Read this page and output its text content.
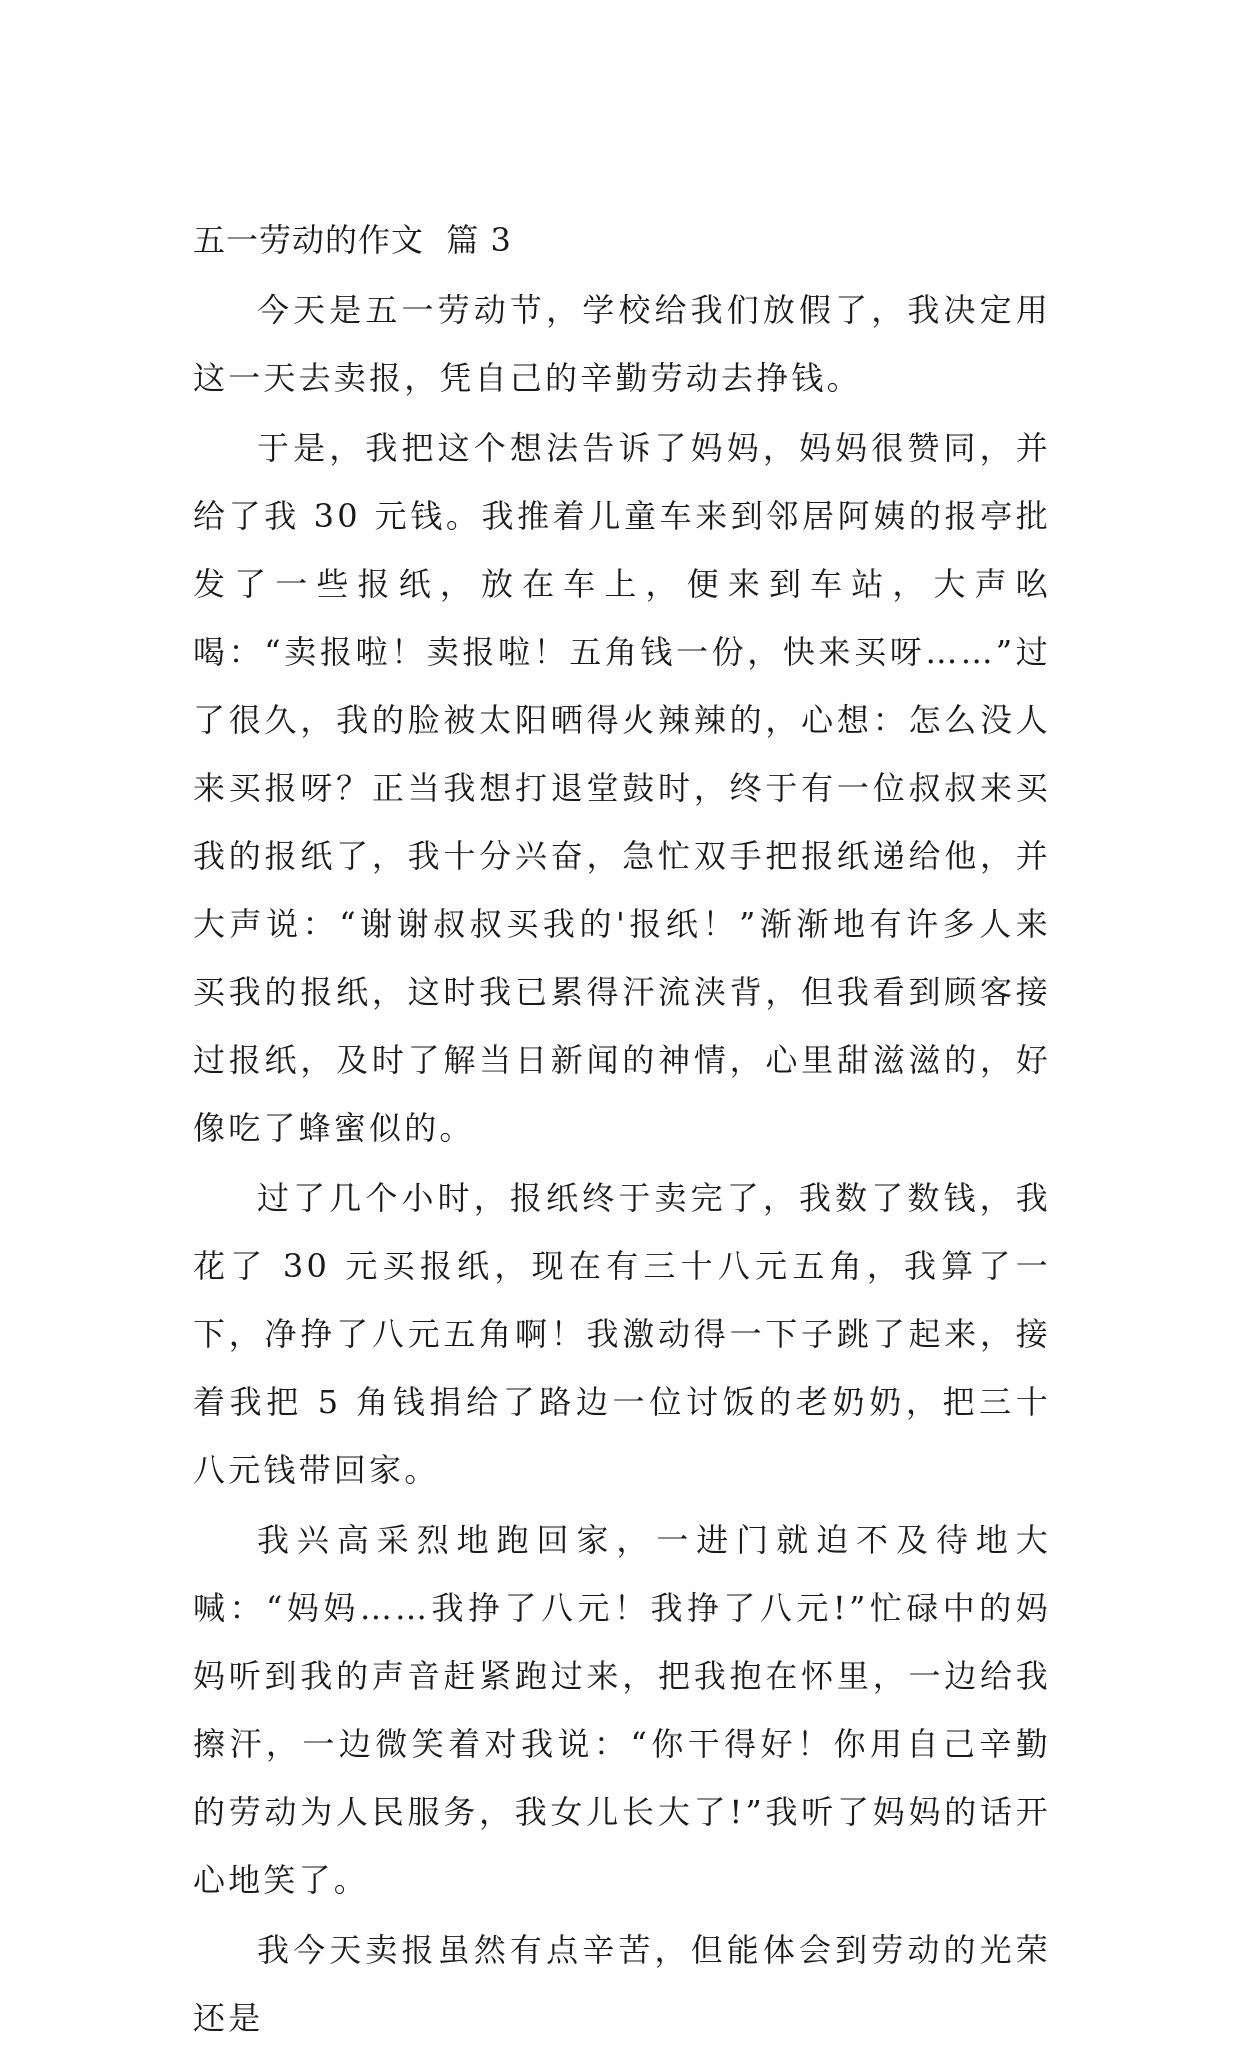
五一劳动的作文  篇 3

今天是五一劳动节，学校给我们放假了，我决定用这一天去卖报，凭自己的辛勤劳动去挣钱。

于是，我把这个想法告诉了妈妈，妈妈很赞同，并给了我 30 元钱。我推着儿童车来到邻居阿姨的报亭批发了一些报纸，放在车上，便来到车站，大声吆喝：“卖报啦！卖报啦！五角钱一份，快来买呀……”过了很久，我的脸被太阳晒得火辣辣的，心想：怎么没人来买报呀？正当我想打退堂鼓时，终于有一位叔叔来买我的报纸了，我十分兴奋，急忙双手把报纸递给他，并大声说：“谢谢叔叔买我的'报纸！”渐渐地有许多人来买我的报纸，这时我已累得汗流浃背，但我看到顾客接过报纸，及时了解当日新闻的神情，心里甜滋滋的，好像吃了蜂蜜似的。

过了几个小时，报纸终于卖完了，我数了数钱，我花了 30 元买报纸，现在有三十八元五角，我算了一下，净挣了八元五角啊！我激动得一下子跳了起来，接着我把 5 角钱捐给了路边一位讨饭的老奶奶，把三十八元钱带回家。

我兴高采烈地跑回家，一进门就迫不及待地大喊：“妈妈……我挣了八元！我挣了八元!”忙碌中的妈妈听到我的声音赶紧跑过来，把我抱在怀里，一边给我擦汗，一边微笑着对我说：“你干得好！你用自己辛勤的劳动为人民服务，我女儿长大了!”我听了妈妈的话开心地笑了。

我今天卖报虽然有点辛苦，但能体会到劳动的光荣还是
